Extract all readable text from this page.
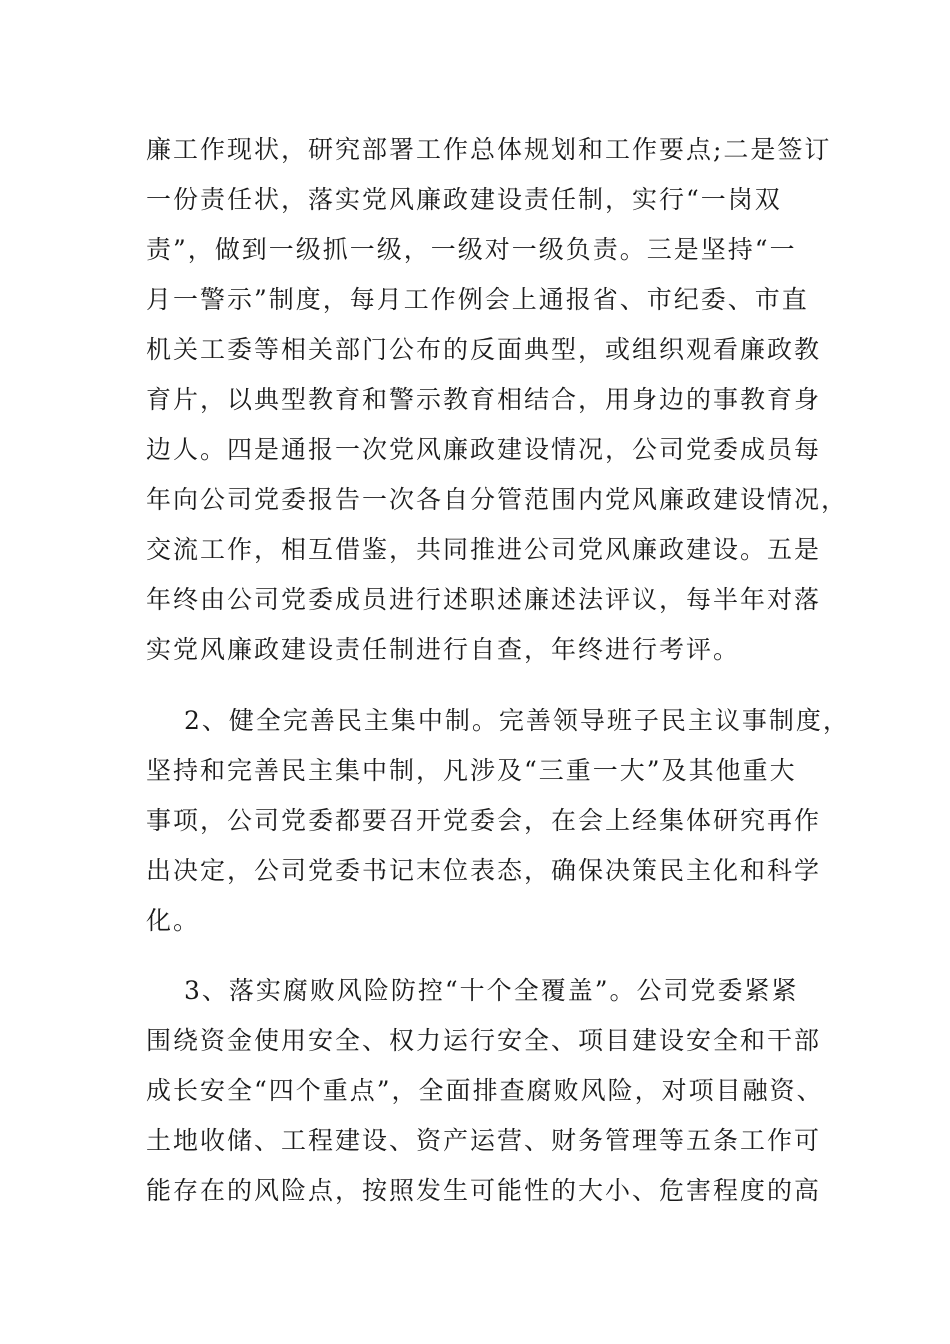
廉工作现状，研究部署工作总体规划和工作要点;二是签订
一份责任状，落实党风廉政建设责任制，实行“一岗双
责”，做到一级抓一级，一级对一级负责。三是坚持“一
月一警示”制度，每月工作例会上通报省、市纪委、市直
机关工委等相关部门公布的反面典型，或组织观看廉政教
育片，以典型教育和警示教育相结合，用身边的事教育身
边人。四是通报一次党风廉政建设情况，公司党委成员每
年向公司党委报告一次各自分管范围内党风廉政建设情况，
交流工作，相互借鉴，共同推进公司党风廉政建设。五是
年终由公司党委成员进行述职述廉述法评议，每半年对落
实党风廉政建设责任制进行自查，年终进行考评。
2、健全完善民主集中制。完善领导班子民主议事制度，
坚持和完善民主集中制，凡涉及“三重一大”及其他重大
事项，公司党委都要召开党委会，在会上经集体研究再作
出决定，公司党委书记末位表态，确保决策民主化和科学
化。
3、落实腐败风险防控“十个全覆盖”。公司党委紧紧
围绕资金使用安全、权力运行安全、项目建设安全和干部
成长安全“四个重点”，全面排查腐败风险，对项目融资、
土地收储、工程建设、资产运营、财务管理等五条工作可
能存在的风险点，按照发生可能性的大小、危害程度的高
